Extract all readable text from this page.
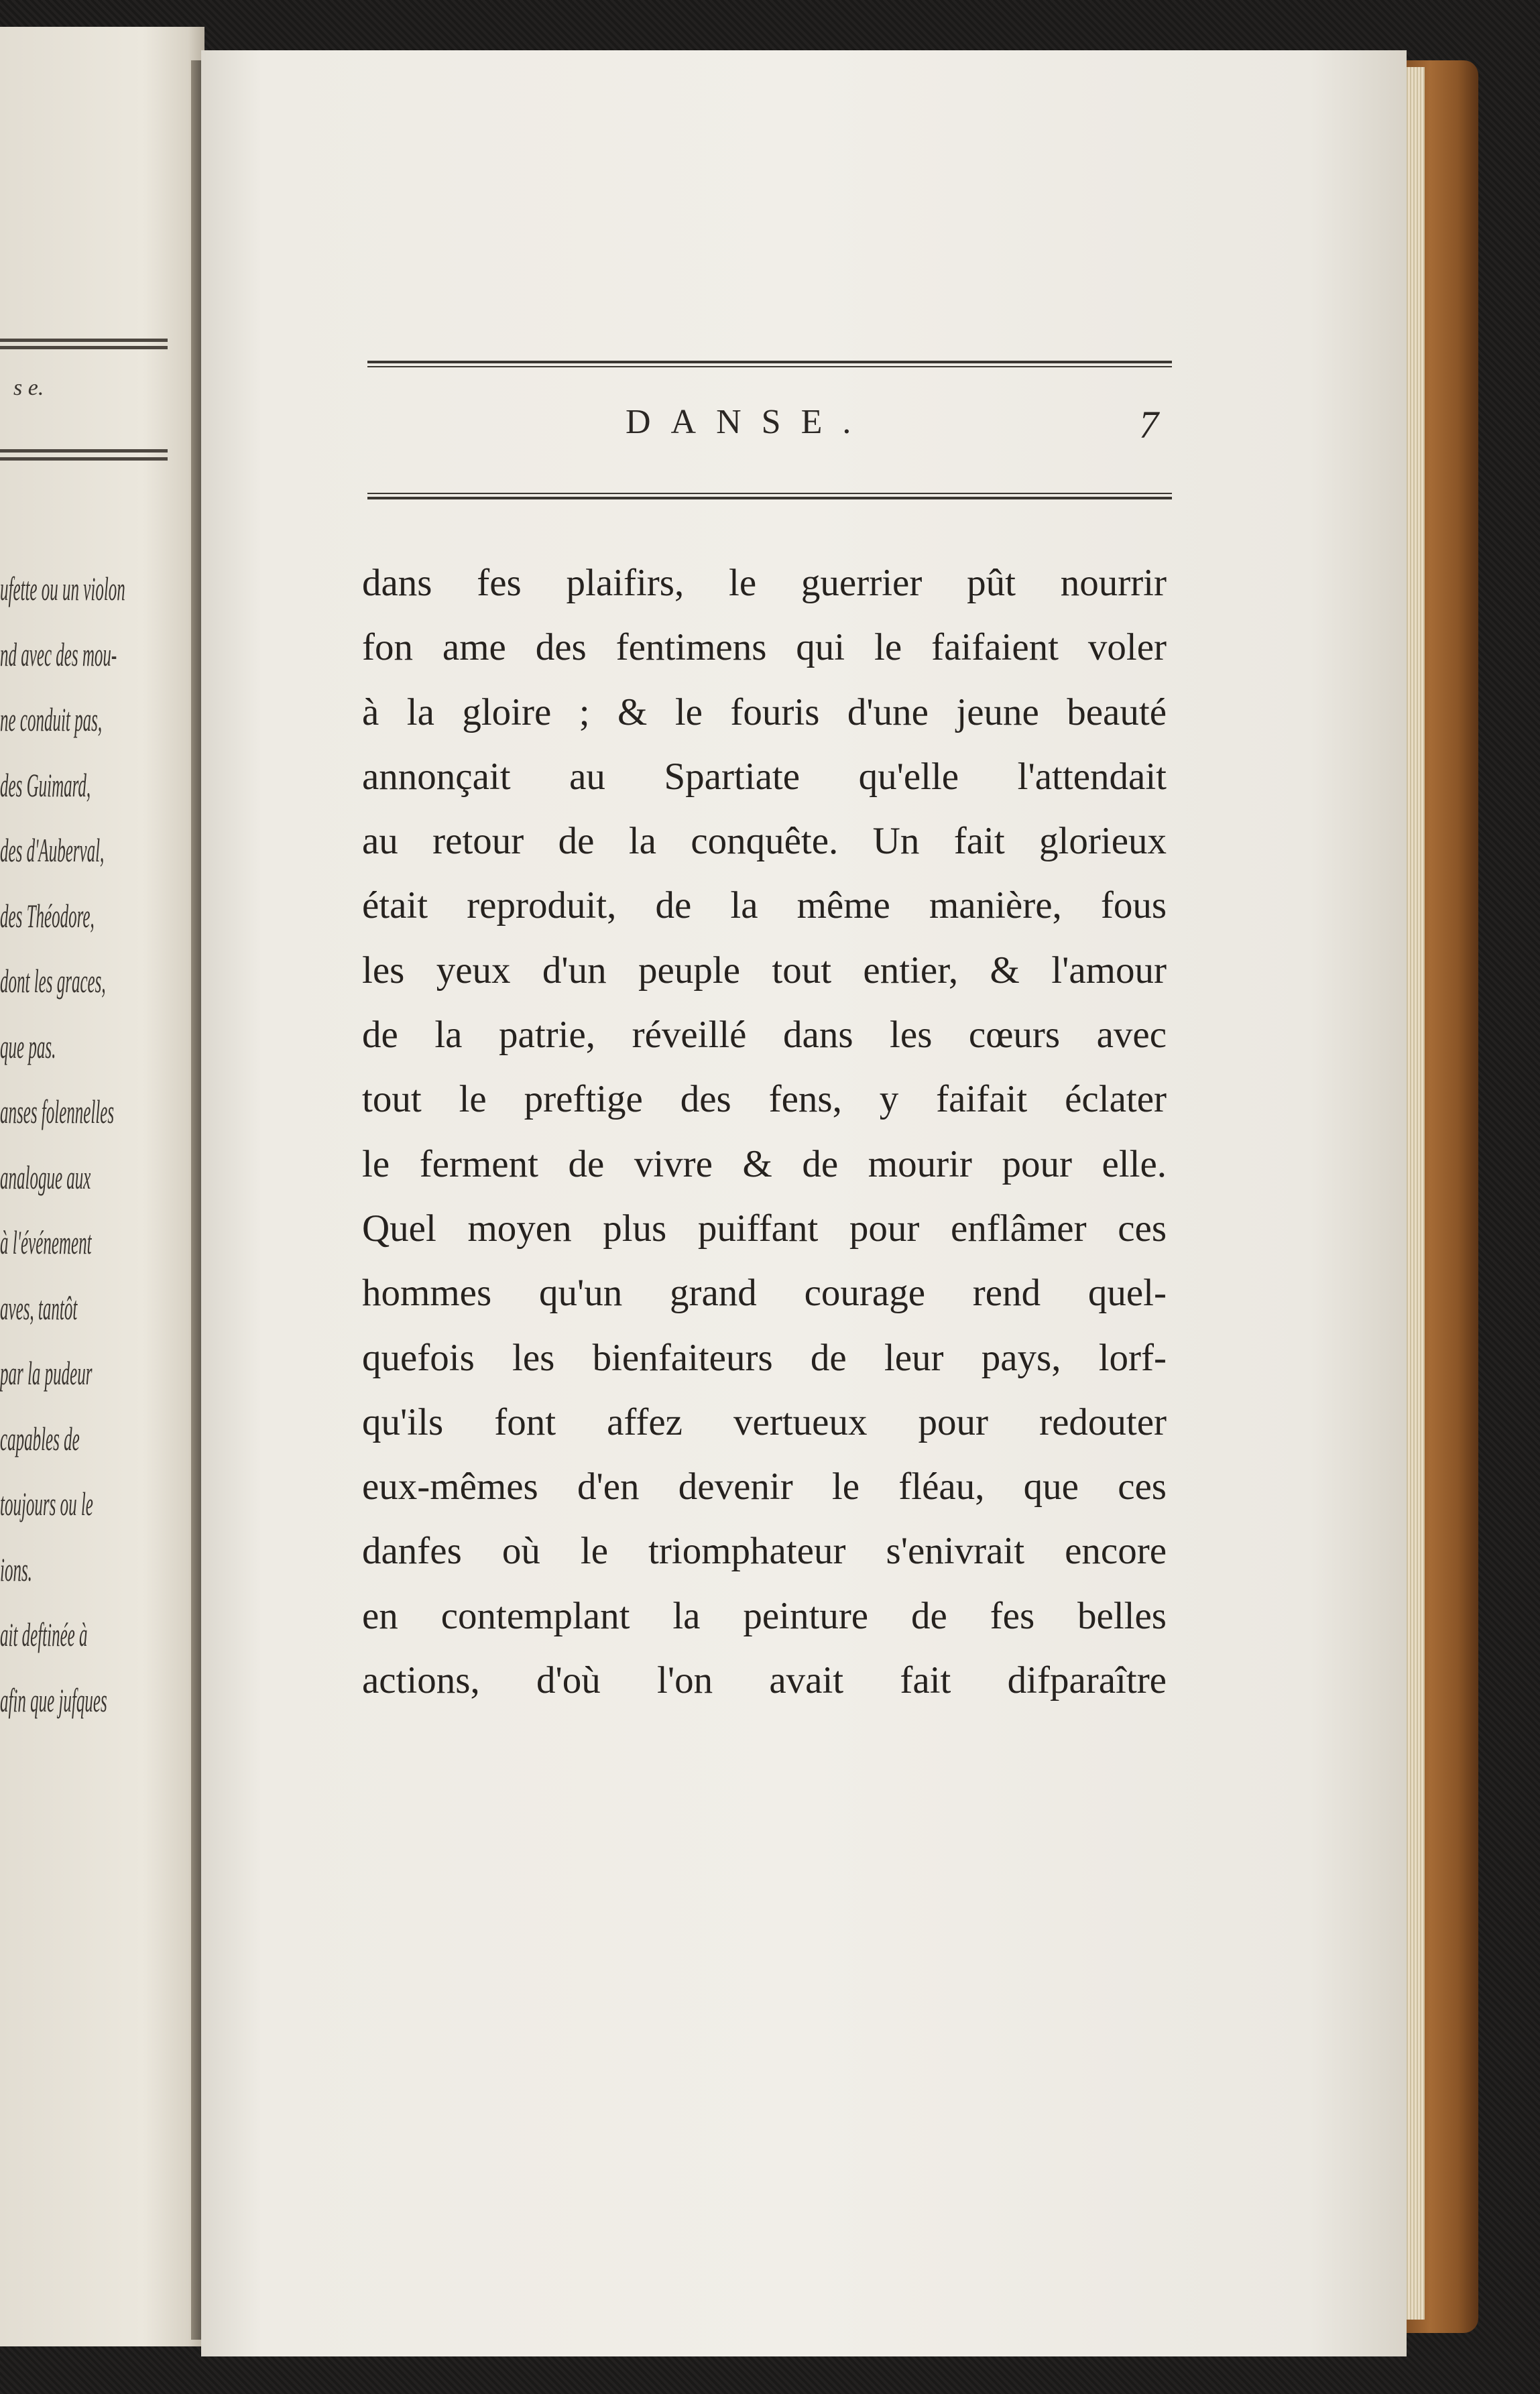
s e.
ufette ou un violon
nd avec des mou-
ne conduit pas,
des Guimard,
des d'Auberval,
des Théodore,
dont les graces,
que pas.
anses folennelles
analogue aux
à l'événement
aves, tantôt
par la pudeur
capables de
toujours ou le
ions.
ait deftinée à
afin que jufques
DANSE.	7
dans fes plaifirs, le guerrier pût nourrir
fon ame des fentimens qui le faifaient voler
à la gloire ; & le fouris d'une jeune beauté
annonçait au Spartiate qu'elle l'attendait
au retour de la conquête. Un fait glorieux
était reproduit, de la même manière, fous
les yeux d'un peuple tout entier, & l'amour
de la patrie, réveillé dans les cœurs avec
tout le preftige des fens, y faifait éclater
le ferment de vivre & de mourir pour elle.
Quel moyen plus puiffant pour enflâmer ces
hommes qu'un grand courage rend quel-
quefois les bienfaiteurs de leur pays, lorf-
qu'ils font affez vertueux pour redouter
eux-mêmes d'en devenir le fléau, que ces
danfes où le triomphateur s'enivrait encore
en contemplant la peinture de fes belles
actions, d'où l'on avait fait difparaître
